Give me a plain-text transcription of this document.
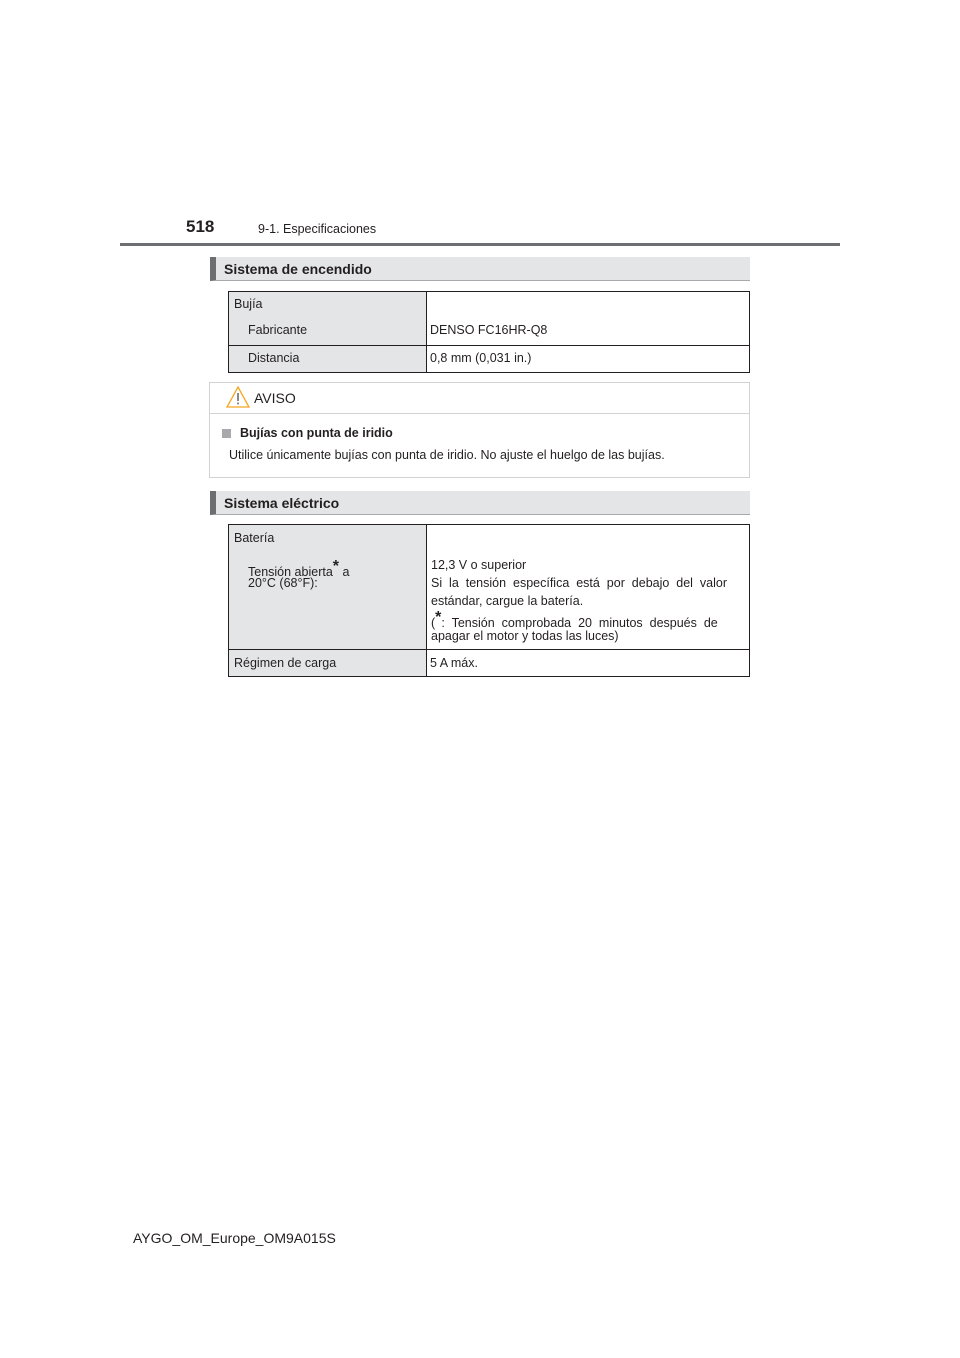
518	9-1. Especificaciones
Sistema de encendido
Bujía
Fabricante	DENSO FC16HR-Q8

Distancia	0,8 mm (0,031 in.)
AVISO
Bujías con punta de iridio
Utilice únicamente bujías con punta de iridio. No ajuste el huelgo de las bujías.
Sistema eléctrico
Batería
Tensión abierta* a
20°C (68°F):	12,3 V o superior
Si  la  tensión  específica  está  por  debajo  del  valor
estándar, cargue la batería.
(*:  Tensión  comprobada  20  minutos  después  de
apagar el motor y todas las luces)

Régimen de carga	5 A máx.
AYGO_OM_Europe_OM9A015S
